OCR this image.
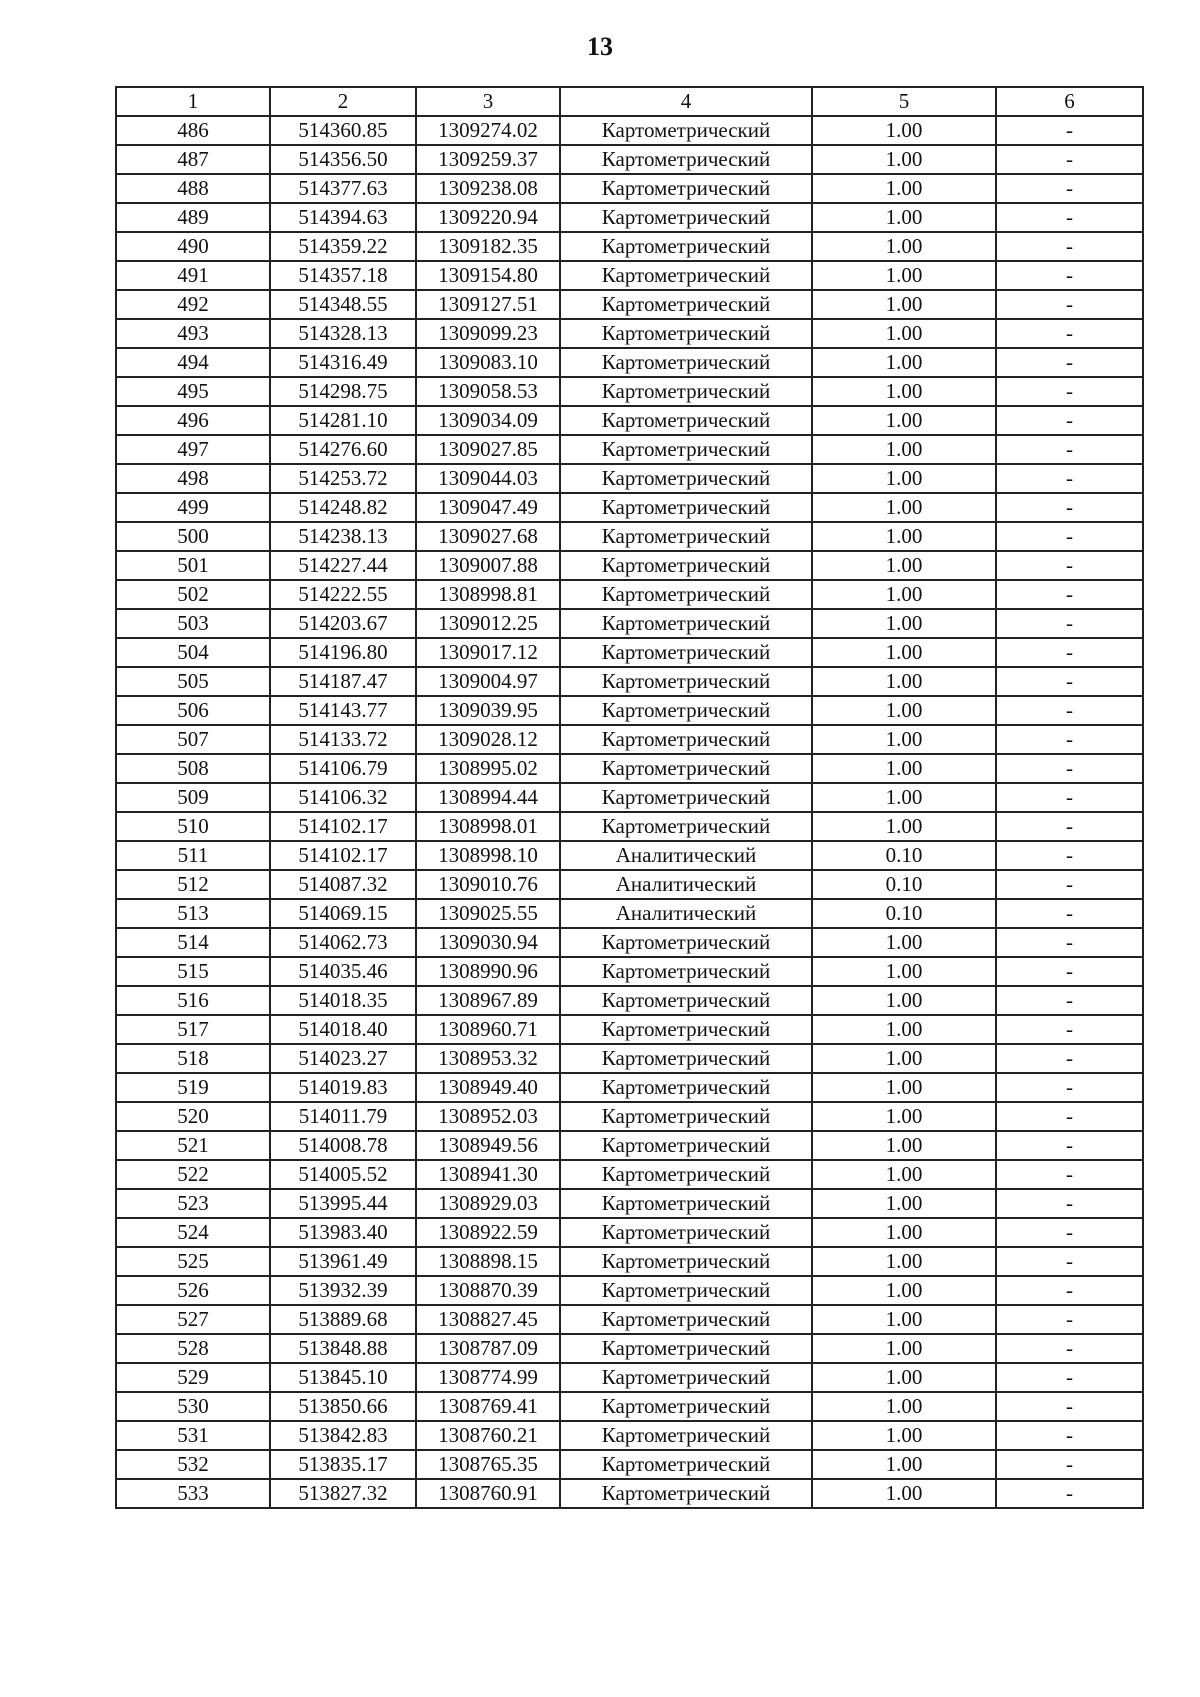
13
1	2	3	4	5	6
486	514360.85	1309274.02	Картометрический	1.00	-
487	514356.50	1309259.37	Картометрический	1.00	-
488	514377.63	1309238.08	Картометрический	1.00	-
489	514394.63	1309220.94	Картометрический	1.00	-
490	514359.22	1309182.35	Картометрический	1.00	-
491	514357.18	1309154.80	Картометрический	1.00	-
492	514348.55	1309127.51	Картометрический	1.00	-
493	514328.13	1309099.23	Картометрический	1.00	-
494	514316.49	1309083.10	Картометрический	1.00	-
495	514298.75	1309058.53	Картометрический	1.00	-
496	514281.10	1309034.09	Картометрический	1.00	-
497	514276.60	1309027.85	Картометрический	1.00	-
498	514253.72	1309044.03	Картометрический	1.00	-
499	514248.82	1309047.49	Картометрический	1.00	-
500	514238.13	1309027.68	Картометрический	1.00	-
501	514227.44	1309007.88	Картометрический	1.00	-
502	514222.55	1308998.81	Картометрический	1.00	-
503	514203.67	1309012.25	Картометрический	1.00	-
504	514196.80	1309017.12	Картометрический	1.00	-
505	514187.47	1309004.97	Картометрический	1.00	-
506	514143.77	1309039.95	Картометрический	1.00	-
507	514133.72	1309028.12	Картометрический	1.00	-
508	514106.79	1308995.02	Картометрический	1.00	-
509	514106.32	1308994.44	Картометрический	1.00	-
510	514102.17	1308998.01	Картометрический	1.00	-
511	514102.17	1308998.10	Аналитический	0.10	-
512	514087.32	1309010.76	Аналитический	0.10	-
513	514069.15	1309025.55	Аналитический	0.10	-
514	514062.73	1309030.94	Картометрический	1.00	-
515	514035.46	1308990.96	Картометрический	1.00	-
516	514018.35	1308967.89	Картометрический	1.00	-
517	514018.40	1308960.71	Картометрический	1.00	-
518	514023.27	1308953.32	Картометрический	1.00	-
519	514019.83	1308949.40	Картометрический	1.00	-
520	514011.79	1308952.03	Картометрический	1.00	-
521	514008.78	1308949.56	Картометрический	1.00	-
522	514005.52	1308941.30	Картометрический	1.00	-
523	513995.44	1308929.03	Картометрический	1.00	-
524	513983.40	1308922.59	Картометрический	1.00	-
525	513961.49	1308898.15	Картометрический	1.00	-
526	513932.39	1308870.39	Картометрический	1.00	-
527	513889.68	1308827.45	Картометрический	1.00	-
528	513848.88	1308787.09	Картометрический	1.00	-
529	513845.10	1308774.99	Картометрический	1.00	-
530	513850.66	1308769.41	Картометрический	1.00	-
531	513842.83	1308760.21	Картометрический	1.00	-
532	513835.17	1308765.35	Картометрический	1.00	-
533	513827.32	1308760.91	Картометрический	1.00	-
